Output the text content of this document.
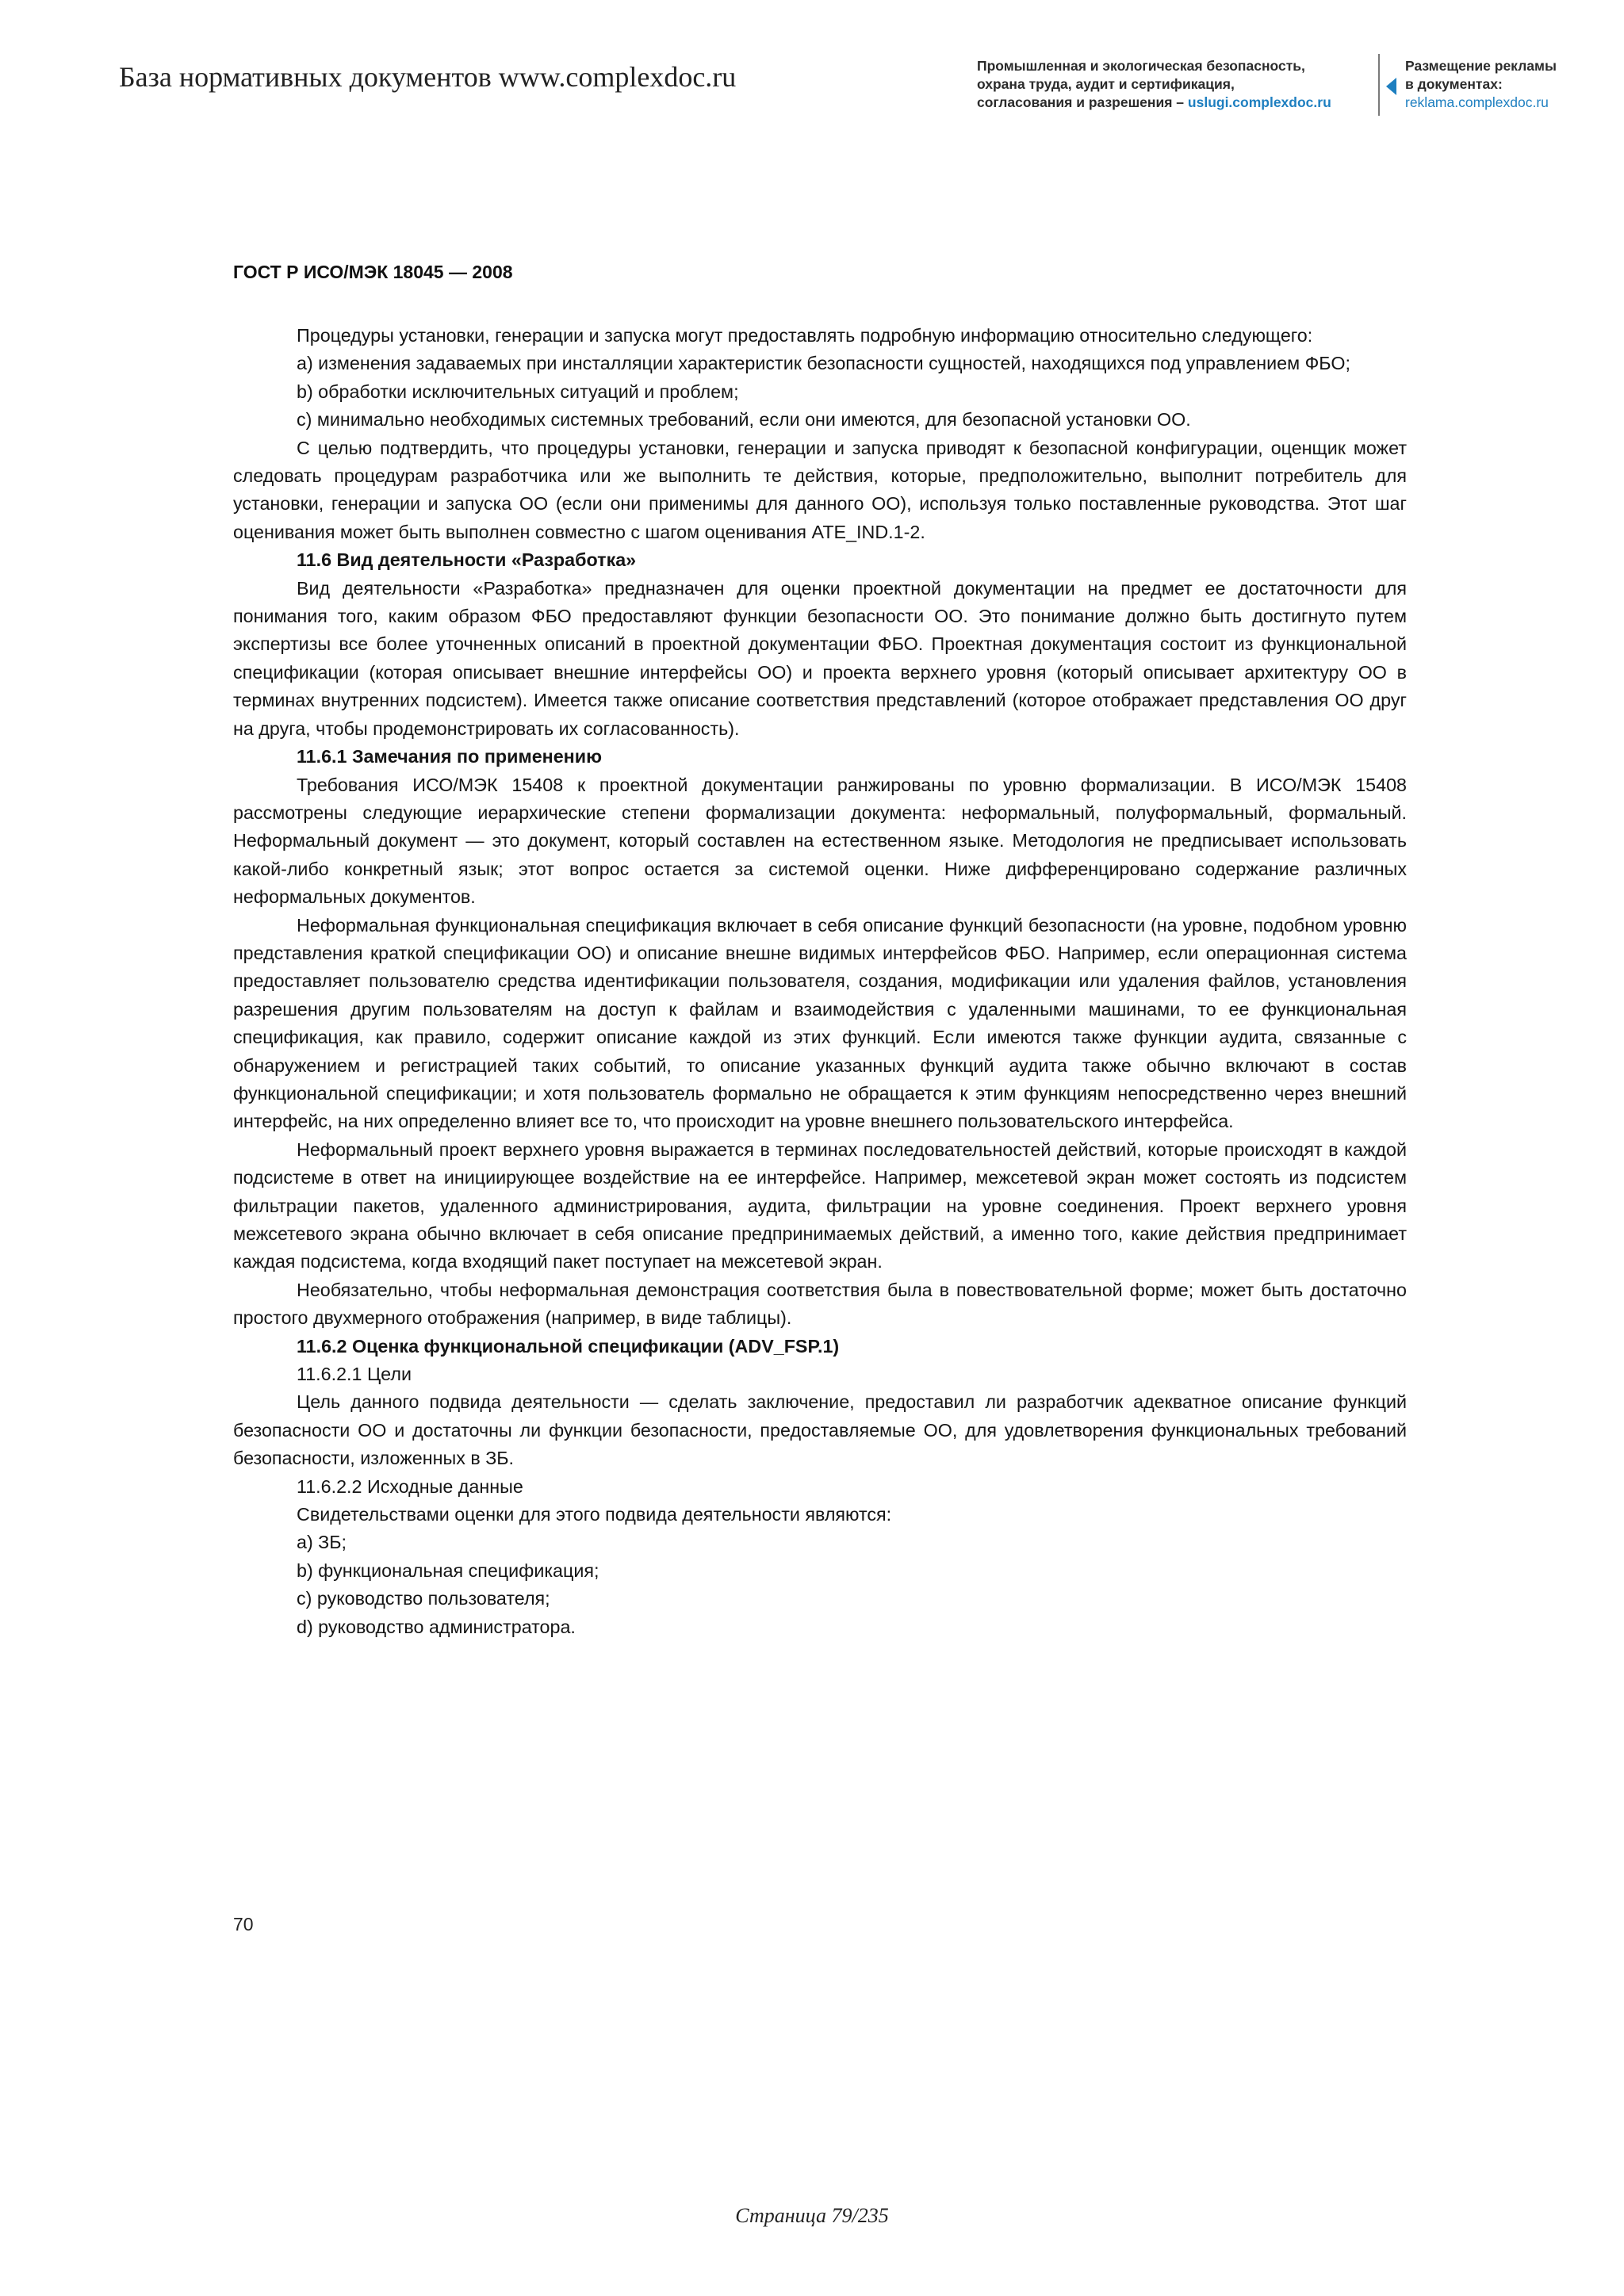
База нормативных документов www.complexdoc.ru	Промышленная и экологическая безопасность,
охрана труда, аудит и сертификация,
согласования и разрешения – uslugi.complexdoc.ru
Размещение рекламы
в документах:
reklama.complexdoc.ru
ГОСТ Р ИСО/МЭК 18045 — 2008

Процедуры установки, генерации и запуска могут предоставлять подробную информацию относительно следующего:

a) изменения задаваемых при инсталляции характеристик безопасности сущностей, находящихся под управлением ФБО;

b) обработки исключительных ситуаций и проблем;

c) минимально необходимых системных требований, если они имеются, для безопасной установки ОО.

С целью подтвердить, что процедуры установки, генерации и запуска приводят к безопасной конфигурации, оценщик может следовать процедурам разработчика или же выполнить те действия, которые, предположительно, выполнит потребитель для установки, генерации и запуска ОО (если они применимы для данного ОО), используя только поставленные руководства. Этот шаг оценивания может быть выполнен совместно с шагом оценивания ATE_IND.1-2.

11.6 Вид деятельности «Разработка»

Вид деятельности «Разработка» предназначен для оценки проектной документации на предмет ее достаточности для понимания того, каким образом ФБО предоставляют функции безопасности ОО. Это понимание должно быть достигнуто путем экспертизы все более уточненных описаний в проектной документации ФБО. Проектная документация состоит из функциональной спецификации (которая описывает внешние интерфейсы ОО) и проекта верхнего уровня (который описывает архитектуру ОО в терминах внутренних подсистем). Имеется также описание соответствия представлений (которое отображает представления ОО друг на друга, чтобы продемонстрировать их согласованность).

11.6.1 Замечания по применению

Требования ИСО/МЭК 15408 к проектной документации ранжированы по уровню формализации. В ИСО/МЭК 15408 рассмотрены следующие иерархические степени формализации документа: неформальный, полуформальный, формальный. Неформальный документ — это документ, который составлен на естественном языке. Методология не предписывает использовать какой-либо конкретный язык; этот вопрос остается за системой оценки. Ниже дифференцировано содержание различных неформальных документов.

Неформальная функциональная спецификация включает в себя описание функций безопасности (на уровне, подобном уровню представления краткой спецификации ОО) и описание внешне видимых интерфейсов ФБО. Например, если операционная система предоставляет пользователю средства идентификации пользователя, создания, модификации или удаления файлов, установления разрешения другим пользователям на доступ к файлам и взаимодействия с удаленными машинами, то ее функциональная спецификация, как правило, содержит описание каждой из этих функций. Если имеются также функции аудита, связанные с обнаружением и регистрацией таких событий, то описание указанных функций аудита также обычно включают в состав функциональной спецификации; и хотя пользователь формально не обращается к этим функциям непосредственно через внешний интерфейс, на них определенно влияет все то, что происходит на уровне внешнего пользовательского интерфейса.

Неформальный проект верхнего уровня выражается в терминах последовательностей действий, которые происходят в каждой подсистеме в ответ на инициирующее воздействие на ее интерфейсе. Например, межсетевой экран может состоять из подсистем фильтрации пакетов, удаленного администрирования, аудита, фильтрации на уровне соединения. Проект верхнего уровня межсетевого экрана обычно включает в себя описание предпринимаемых действий, а именно того, какие действия предпринимает каждая подсистема, когда входящий пакет поступает на межсетевой экран.

Необязательно, чтобы неформальная демонстрация соответствия была в повествовательной форме; может быть достаточно простого двухмерного отображения (например, в виде таблицы).

11.6.2 Оценка функциональной спецификации (ADV_FSP.1)

11.6.2.1 Цели

Цель данного подвида деятельности — сделать заключение, предоставил ли разработчик адекватное описание функций безопасности ОО и достаточны ли функции безопасности, предоставляемые ОО, для удовлетворения функциональных требований безопасности, изложенных в ЗБ.

11.6.2.2 Исходные данные

Свидетельствами оценки для этого подвида деятельности являются:

a) ЗБ;

b) функциональная спецификация;

c) руководство пользователя;

d) руководство администратора.

70
Страница 79/235
